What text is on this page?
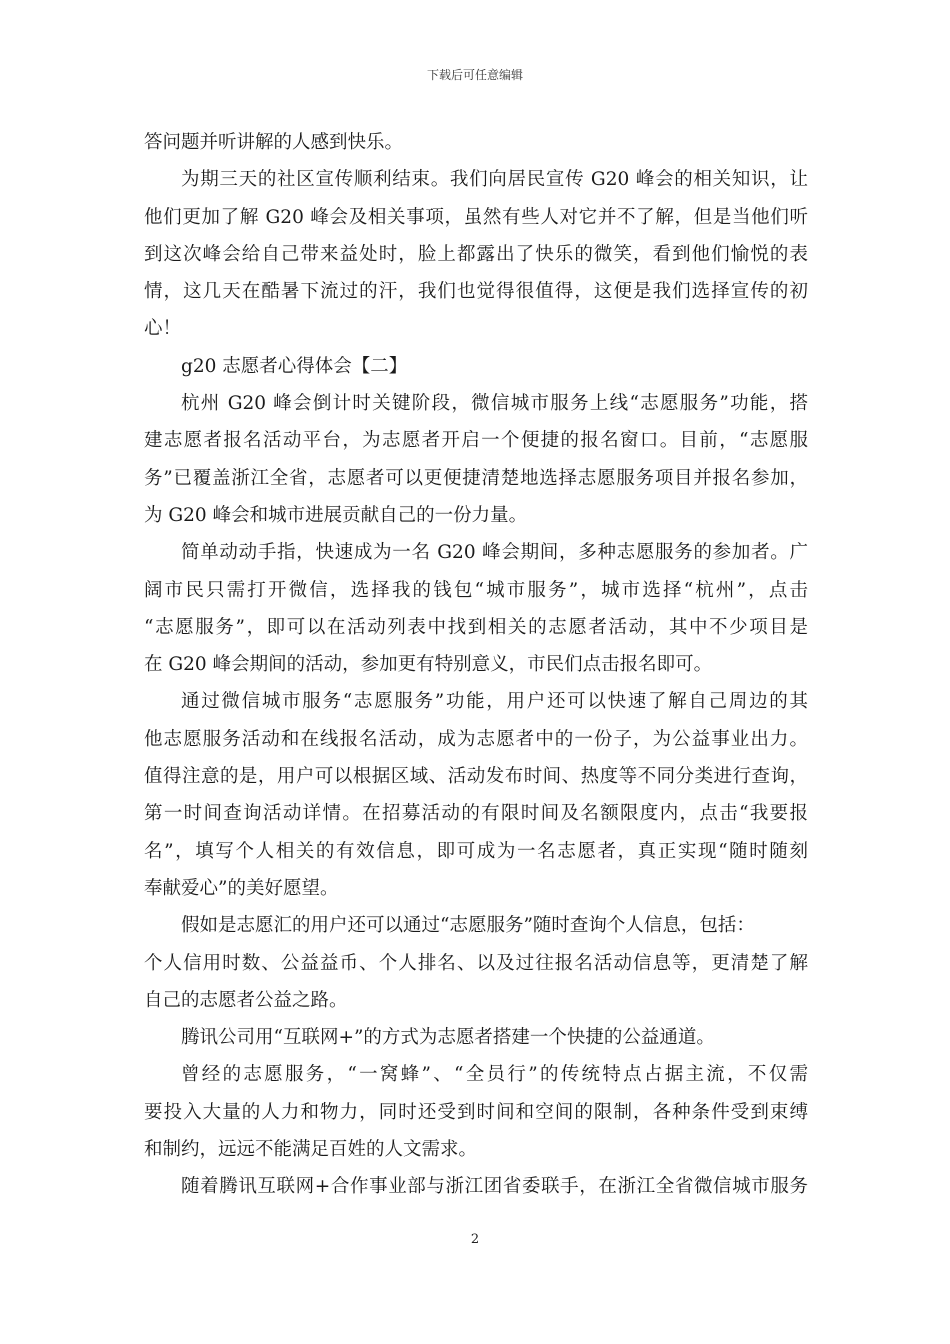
下载后可任意编辑
答问题并听讲解的人感到快乐。
为期三天的社区宣传顺利结束。我们向居民宣传 G20 峰会的相关知识，让
他们更加了解 G20 峰会及相关事项，虽然有些人对它并不了解，但是当他们听
到这次峰会给自己带来益处时，脸上都露出了快乐的微笑，看到他们愉悦的表
情，这几天在酷暑下流过的汗，我们也觉得很值得，这便是我们选择宣传的初
心！
g20 志愿者心得体会【二】
杭州 G20 峰会倒计时关键阶段，微信城市服务上线“志愿服务”功能，搭
建志愿者报名活动平台，为志愿者开启一个便捷的报名窗口。目前，“志愿服
务”已覆盖浙江全省，志愿者可以更便捷清楚地选择志愿服务项目并报名参加，
为 G20 峰会和城市进展贡献自己的一份力量。
简单动动手指，快速成为一名 G20 峰会期间，多种志愿服务的参加者。广
阔市民只需打开微信，选择我的钱包“城市服务”，城市选择“杭州”，点击
“志愿服务”，即可以在活动列表中找到相关的志愿者活动，其中不少项目是
在 G20 峰会期间的活动，参加更有特别意义，市民们点击报名即可。
通过微信城市服务“志愿服务”功能，用户还可以快速了解自己周边的其
他志愿服务活动和在线报名活动，成为志愿者中的一份子，为公益事业出力。
值得注意的是，用户可以根据区域、活动发布时间、热度等不同分类进行查询，
第一时间查询活动详情。在招募活动的有限时间及名额限度内，点击“我要报
名”，填写个人相关的有效信息，即可成为一名志愿者，真正实现“随时随刻
奉献爱心”的美好愿望。
假如是志愿汇的用户还可以通过“志愿服务”随时查询个人信息，包括：
个人信用时数、公益益币、个人排名、以及过往报名活动信息等，更清楚了解
自己的志愿者公益之路。
腾讯公司用“互联网+”的方式为志愿者搭建一个快捷的公益通道。
曾经的志愿服务，“一窝蜂”、“全员行”的传统特点占据主流，不仅需
要投入大量的人力和物力，同时还受到时间和空间的限制，各种条件受到束缚
和制约，远远不能满足百姓的人文需求。
随着腾讯互联网+合作事业部与浙江团省委联手，在浙江全省微信城市服务
2
